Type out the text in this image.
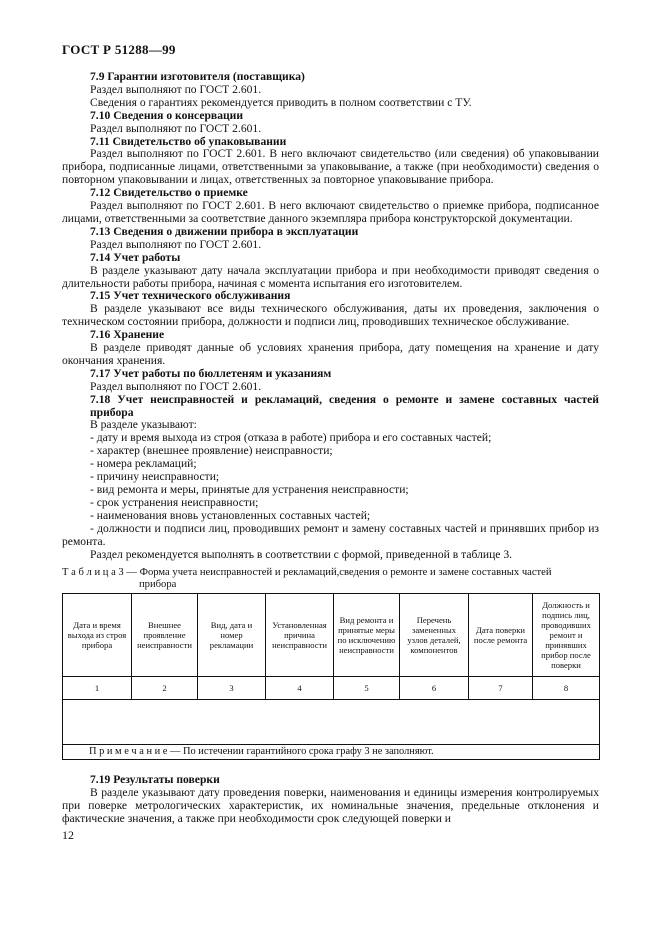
ГОСТ Р 51288—99

7.9 Гарантии изготовителя (поставщика)

Раздел выполняют по ГОСТ 2.601.

Сведения о гарантиях рекомендуется приводить в полном соответствии с ТУ.

7.10 Сведения о консервации

Раздел выполняют по ГОСТ 2.601.

7.11 Свидетельство об упаковывании

Раздел выполняют по ГОСТ 2.601. В него включают свидетельство (или сведения) об упаковывании прибора, подписанные лицами, ответственными за упаковывание, а также (при необходимости) сведения о повторном упаковывании и лицах, ответственных за повторное упаковывание прибора.

7.12 Свидетельство о приемке

Раздел выполняют по ГОСТ 2.601. В него включают свидетельство о приемке прибора, подписанное лицами, ответственными за соответствие данного экземпляра прибора конструкторской документации.

7.13 Сведения о движении прибора в эксплуатации

Раздел выполняют по ГОСТ 2.601.

7.14 Учет работы

В разделе указывают дату начала эксплуатации прибора и при необходимости приводят сведения о длительности работы прибора, начиная с момента испытания его изготовителем.

7.15 Учет технического обслуживания

В разделе указывают все виды технического обслуживания, даты их проведения, заключения о техническом состоянии прибора, должности и подписи лиц, проводивших техническое обслуживание.

7.16 Хранение

В разделе приводят данные об условиях хранения прибора, дату помещения на хранение и дату окончания хранения.

7.17 Учет работы по бюллетеням и указаниям

Раздел выполняют по ГОСТ 2.601.

7.18 Учет неисправностей и рекламаций, сведения о ремонте и замене составных частей прибора

В разделе указывают:

- дату и время выхода из строя (отказа в работе) прибора и его составных частей;

- характер (внешнее проявление) неисправности;

- номера рекламаций;

- причину неисправности;

- вид ремонта и меры, принятые для устранения неисправности;

- срок устранения неисправности;

- наименования вновь установленных составных частей;

- должности и подписи лиц, проводивших ремонт и замену составных частей и принявших прибор из ремонта.

Раздел рекомендуется выполнять в соответствии с формой, приведенной в таблице 3.

Т а б л и ц а 3 — Форма учета неисправностей и рекламаций,сведения о ремонте и замене составных частей
прибора
Дата и время выхода из строя прибора	Внешнее проявление неисправности	Вид, дата и номер рекламации	Установленная причина неисправности	Вид ремонта и принятые меры по исключению неисправности	Перечень замененных узлов деталей, компонентов	Дата поверки после ремонта	Должность и подпись лиц, проводивших ремонт и принявших прибор после поверки
1	2	3	4	5	6	7	8

П р и м е ч а н и е — По истечении гарантийного срока графу 3 не заполняют.							

7.19 Результаты поверки

В разделе указывают дату проведения поверки, наименования и единицы измерения контролируемых при поверке метрологических характеристик, их номинальные значения, предельные отклонения и фактические значения, а также при необходимости срок следующей поверки и

12
